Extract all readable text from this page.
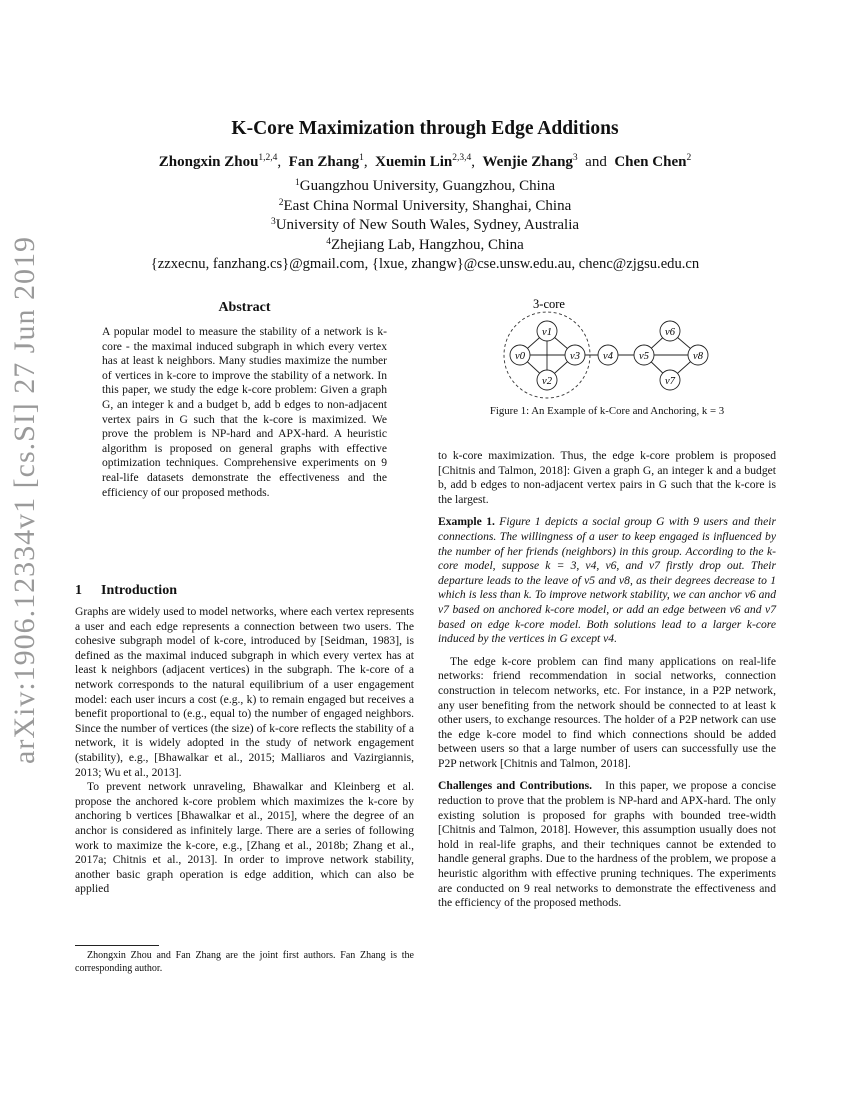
arXiv:1906.12334v1 [cs.SI] 27 Jun 2019
K-Core Maximization through Edge Additions
Zhongxin Zhou$^{1,2,4}$,  Fan Zhang$^1$,  Xuemin Lin$^{2,3,4}$,  Wenjie Zhang$^3$ and Chen Chen$^2$
$^1$Guangzhou University, Guangzhou, China
$^2$East China Normal University, Shanghai, China
$^3$University of New South Wales, Sydney, Australia
$^4$Zhejiang Lab, Hangzhou, China
{zzxecnu, fanzhang.cs}@gmail.com, {lxue, zhangw}@cse.unsw.edu.au, chenc@zjgsu.edu.cn
Abstract
A popular model to measure the stability of a network is k-core - the maximal induced subgraph in which every vertex has at least k neighbors. Many studies maximize the number of vertices in k-core to improve the stability of a network. In this paper, we study the edge k-core problem: Given a graph G, an integer k and a budget b, add b edges to non-adjacent vertex pairs in G such that the k-core is maximized. We prove the problem is NP-hard and APX-hard. A heuristic algorithm is proposed on general graphs with effective optimization techniques. Comprehensive experiments on 9 real-life datasets demonstrate the effectiveness and the efficiency of our proposed methods.
1 Introduction

Graphs are widely used to model networks, where each vertex represents a user and each edge represents a connection between two users. The cohesive subgraph model of k-core, introduced by [Seidman, 1983], is defined as the maximal induced subgraph in which every vertex has at least k neighbors (adjacent vertices) in the subgraph. The k-core of a network corresponds to the natural equilibrium of a user engagement model: each user incurs a cost (e.g., k) to remain engaged but receives a benefit proportional to (e.g., equal to) the number of engaged neighbors. Since the number of vertices (the size) of k-core reflects the stability of a network, it is widely adopted in the study of network engagement (stability), e.g., [Bhawalkar et al., 2015; Malliaros and Vazirgiannis, 2013; Wu et al., 2013].

To prevent network unraveling, Bhawalkar and Kleinberg et al. propose the anchored k-core problem which maximizes the k-core by anchoring b vertices [Bhawalkar et al., 2015], where the degree of an anchor is considered as infinitely large. There are a series of following work to maximize the k-core, e.g., [Zhang et al., 2018b; Zhang et al., 2017a; Chitnis et al., 2013]. In order to improve network stability, another basic graph operation is edge addition, which can also be applied

Zhongxin Zhou and Fan Zhang are the joint first authors. Fan Zhang is the corresponding author.
3-core
v1
v0	v3
v2
v4 v5
v6
v8
v7
Figure 1: An Example of k-Core and Anchoring, k = 3

to k-core maximization. Thus, the edge k-core problem is proposed [Chitnis and Talmon, 2018]: Given a graph G, an integer k and a budget b, add b edges to non-adjacent vertex pairs in G such that the k-core is the largest.

Example 1. Figure 1 depicts a social group G with 9 users and their connections. The willingness of a user to keep engaged is influenced by the number of her friends (neighbors) in this group. According to the k-core model, suppose k = 3, v4, v6, and v7 firstly drop out. Their departure leads to the leave of v5 and v8, as their degrees decrease to 1 which is less than k. To improve network stability, we can anchor v6 and v7 based on anchored k-core model, or add an edge between v6 and v7 based on edge k-core model. Both solutions lead to a larger k-core induced by the vertices in G except v4.

The edge k-core problem can find many applications on real-life networks: friend recommendation in social networks, connection construction in telecom networks, etc. For instance, in a P2P network, any user benefiting from the network should be connected to at least k other users, to exchange resources. The holder of a P2P network can use the edge k-core model to find which connections should be added between users so that a large number of users can successfully use the P2P network [Chitnis and Talmon, 2018].

Challenges and Contributions. In this paper, we propose a concise reduction to prove that the problem is NP-hard and APX-hard. The only existing solution is proposed for graphs with bounded tree-width [Chitnis and Talmon, 2018]. However, this assumption usually does not hold in real-life graphs, and their techniques cannot be extended to handle general graphs. Due to the hardness of the problem, we propose a heuristic algorithm with effective pruning techniques. The experiments are conducted on 9 real networks to demonstrate the effectiveness and the efficiency of the proposed methods.
